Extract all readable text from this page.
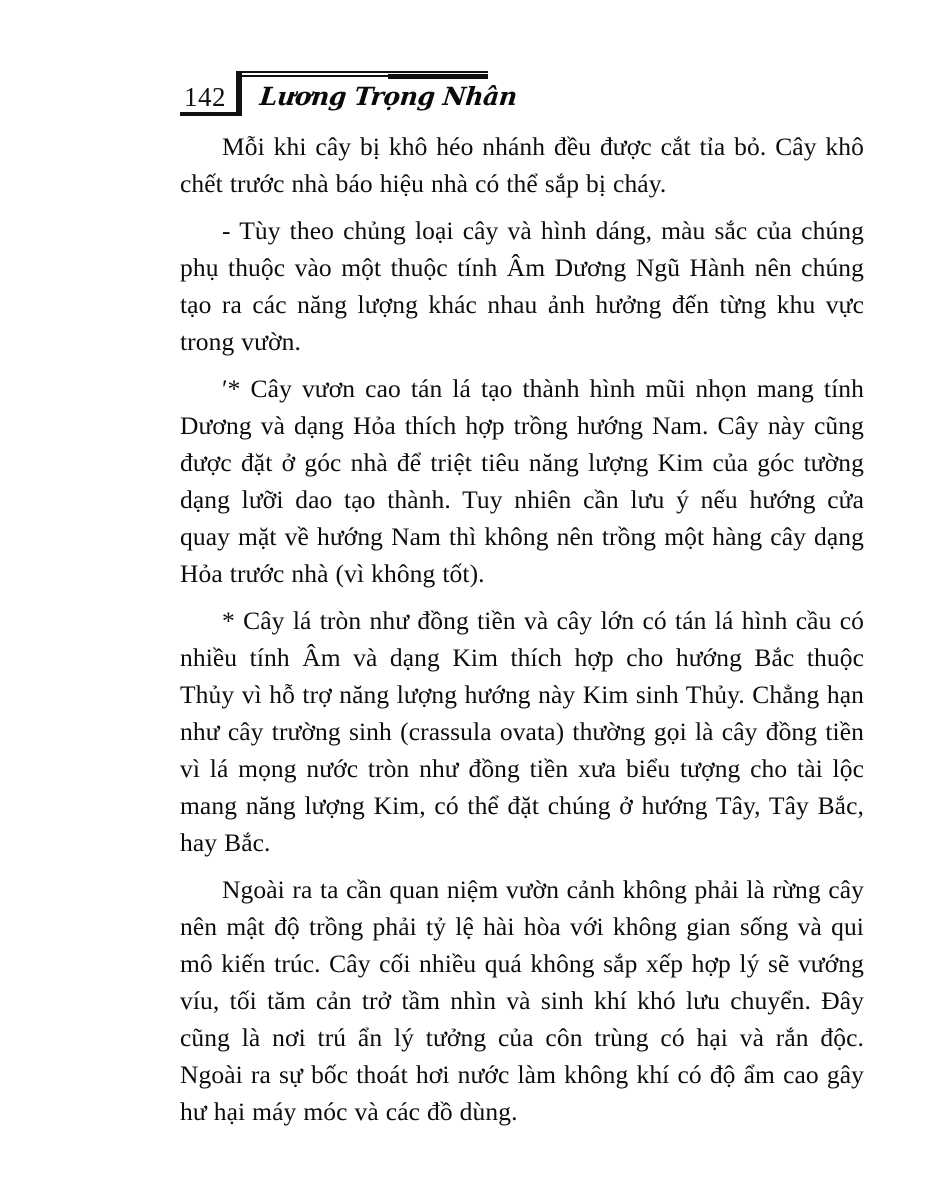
142 Lương Trọng Nhân

Mỗi khi cây bị khô héo nhánh đều được cắt tỉa bỏ. Cây khô chết trước nhà báo hiệu nhà có thể sắp bị cháy.

- Tùy theo chủng loại cây và hình dáng, màu sắc của chúng phụ thuộc vào một thuộc tính Âm Dương Ngũ Hành nên chúng tạo ra các năng lượng khác nhau ảnh hưởng đến từng khu vực trong vườn.

′* Cây vươn cao tán lá tạo thành hình mũi nhọn mang tính Dương và dạng Hỏa thích hợp trồng hướng Nam. Cây này cũng được đặt ở góc nhà để triệt tiêu năng lượng Kim của góc tường dạng lưỡi dao tạo thành. Tuy nhiên cần lưu ý nếu hướng cửa quay mặt về hướng Nam thì không nên trồng một hàng cây dạng Hỏa trước nhà (vì không tốt).

* Cây lá tròn như đồng tiền và cây lớn có tán lá hình cầu có nhiều tính Âm và dạng Kim thích hợp cho hướng Bắc thuộc Thủy vì hỗ trợ năng lượng hướng này Kim sinh Thủy. Chẳng hạn như cây trường sinh (crassula ovata) thường gọi là cây đồng tiền vì lá mọng nước tròn như đồng tiền xưa biểu tượng cho tài lộc mang năng lượng Kim, có thể đặt chúng ở hướng Tây, Tây Bắc, hay Bắc.

Ngoài ra ta cần quan niệm vườn cảnh không phải là rừng cây nên mật độ trồng phải tỷ lệ hài hòa với không gian sống và qui mô kiến trúc. Cây cối nhiều quá không sắp xếp hợp lý sẽ vướng víu, tối tăm cản trở tầm nhìn và sinh khí khó lưu chuyển. Đây cũng là nơi trú ẩn lý tưởng của côn trùng có hại và rắn độc. Ngoài ra sự bốc thoát hơi nước làm không khí có độ ẩm cao gây hư hại máy móc và các đồ dùng.
